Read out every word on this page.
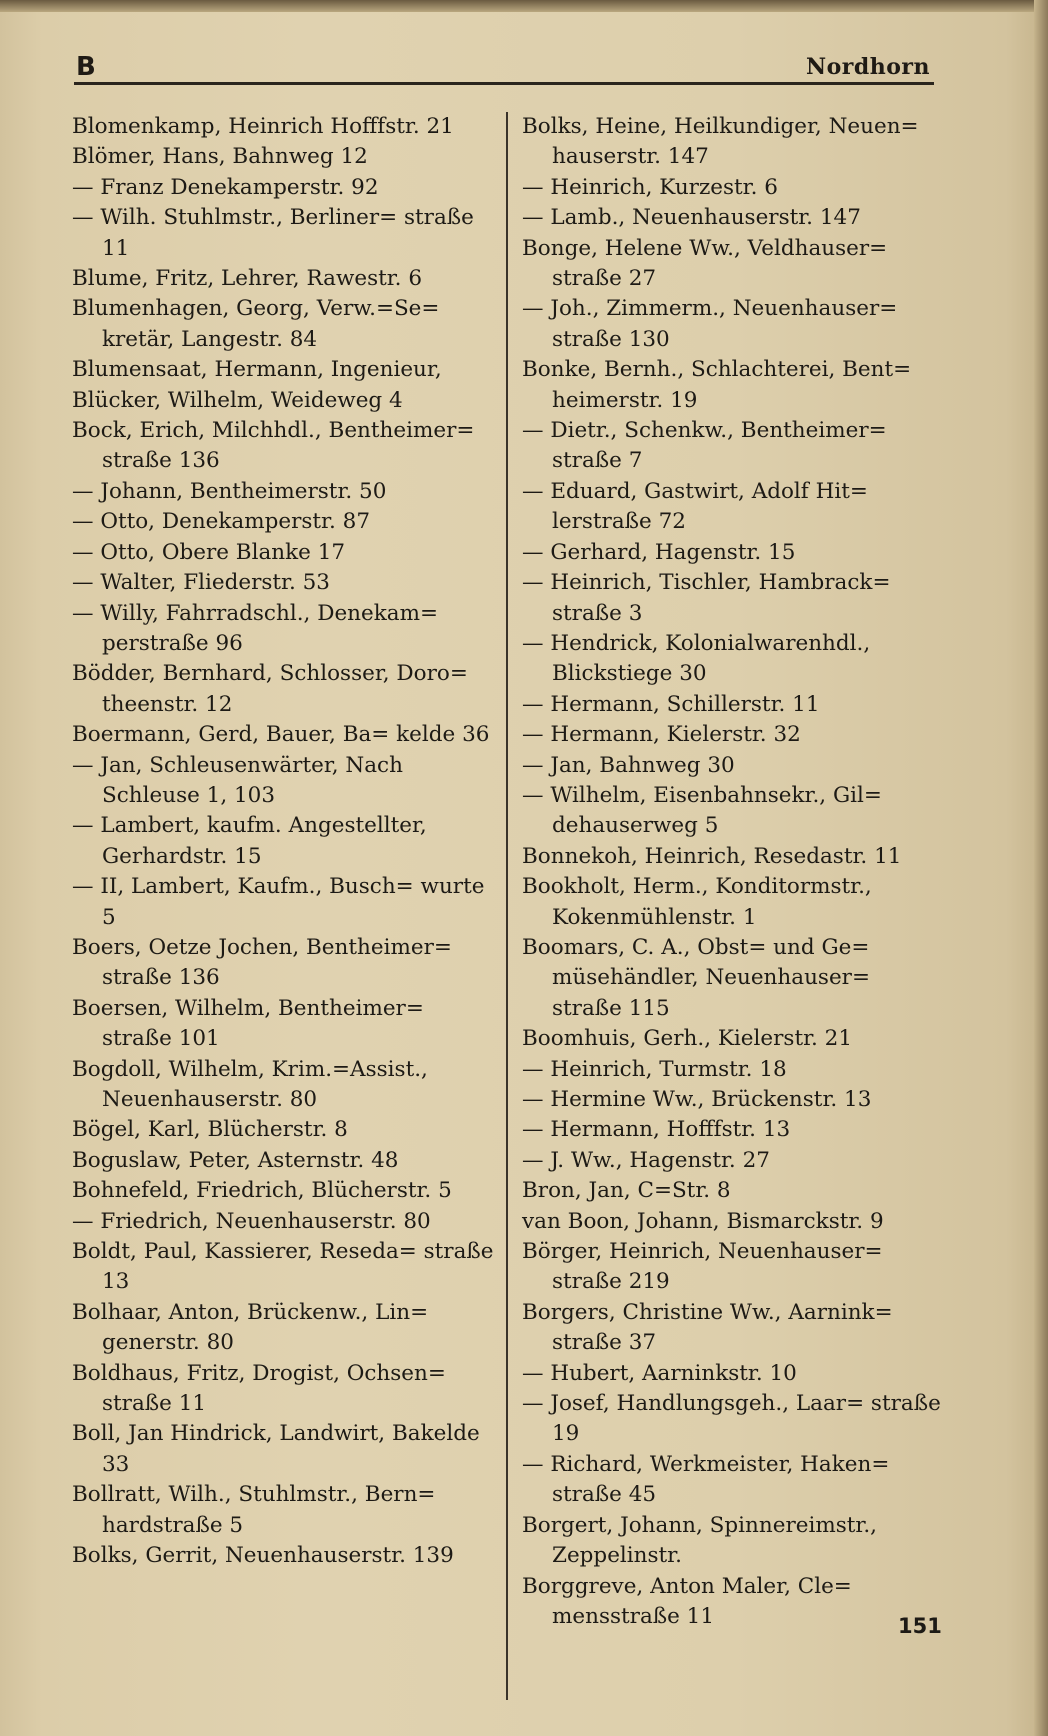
B	Nordhorn

Blomenkamp, Heinrich Hofffstr. 21

Blömer, Hans, Bahnweg 12

— Franz Denekamperstr. 92

— Wilh. Stuhlmstr., Berliner= straße 11

Blume, Fritz, Lehrer, Rawestr. 6

Blumenhagen, Georg, Verw.=Se= kretär, Langestr. 84

Blumensaat, Hermann, Ingenieur,

Blücker, Wilhelm, Weideweg 4

Bock, Erich, Milchhdl., Bentheimer= straße 136

— Johann, Bentheimerstr. 50

— Otto, Denekamperstr. 87

— Otto, Obere Blanke 17

— Walter, Fliederstr. 53

— Willy, Fahrradschl., Denekam= perstraße 96

Bödder, Bernhard, Schlosser, Doro= theenstr. 12

Boermann, Gerd, Bauer, Ba= kelde 36

— Jan, Schleusenwärter, Nach Schleuse 1, 103

— Lambert, kaufm. Angestellter, Gerhardstr. 15

— II, Lambert, Kaufm., Busch= wurte 5

Boers, Oetze Jochen, Bentheimer= straße 136

Boersen, Wilhelm, Bentheimer= straße 101

Bogdoll, Wilhelm, Krim.=Assist., Neuenhauserstr. 80

Bögel, Karl, Blücherstr. 8

Boguslaw, Peter, Asternstr. 48

Bohnefeld, Friedrich, Blücherstr. 5

— Friedrich, Neuenhauserstr. 80

Boldt, Paul, Kassierer, Reseda= straße 13

Bolhaar, Anton, Brückenw., Lin= generstr. 80

Boldhaus, Fritz, Drogist, Ochsen= straße 11

Boll, Jan Hindrick, Landwirt, Bakelde 33

Bollratt, Wilh., Stuhlmstr., Bern= hardstraße 5

Bolks, Gerrit, Neuenhauserstr. 139

Bolks, Heine, Heilkundiger, Neuen= hauserstr. 147

— Heinrich, Kurzestr. 6

— Lamb., Neuenhauserstr. 147

Bonge, Helene Ww., Veldhauser= straße 27

— Joh., Zimmerm., Neuenhauser= straße 130

Bonke, Bernh., Schlachterei, Bent= heimerstr. 19

— Dietr., Schenkw., Bentheimer= straße 7

— Eduard, Gastwirt, Adolf Hit= lerstraße 72

— Gerhard, Hagenstr. 15

— Heinrich, Tischler, Hambrack= straße 3

— Hendrick, Kolonialwarenhdl., Blickstiege 30

— Hermann, Schillerstr. 11

— Hermann, Kielerstr. 32

— Jan, Bahnweg 30

— Wilhelm, Eisenbahnsekr., Gil= dehauserweg 5

Bonnekoh, Heinrich, Resedastr. 11

Bookholt, Herm., Konditormstr., Kokenmühlenstr. 1

Boomars, C. A., Obst= und Ge= müsehändler, Neuenhauser= straße 115

Boomhuis, Gerh., Kielerstr. 21

— Heinrich, Turmstr. 18

— Hermine Ww., Brückenstr. 13

— Hermann, Hofffstr. 13

— J. Ww., Hagenstr. 27

Bron, Jan, C=Str. 8

van Boon, Johann, Bismarckstr. 9

Börger, Heinrich, Neuenhauser= straße 219

Borgers, Christine Ww., Aarnink= straße 37

— Hubert, Aarninkstr. 10

— Josef, Handlungsgeh., Laar= straße 19

— Richard, Werkmeister, Haken= straße 45

Borgert, Johann, Spinnereimstr., Zeppelinstr.

Borggreve, Anton Maler, Cle= mensstraße 11	151
